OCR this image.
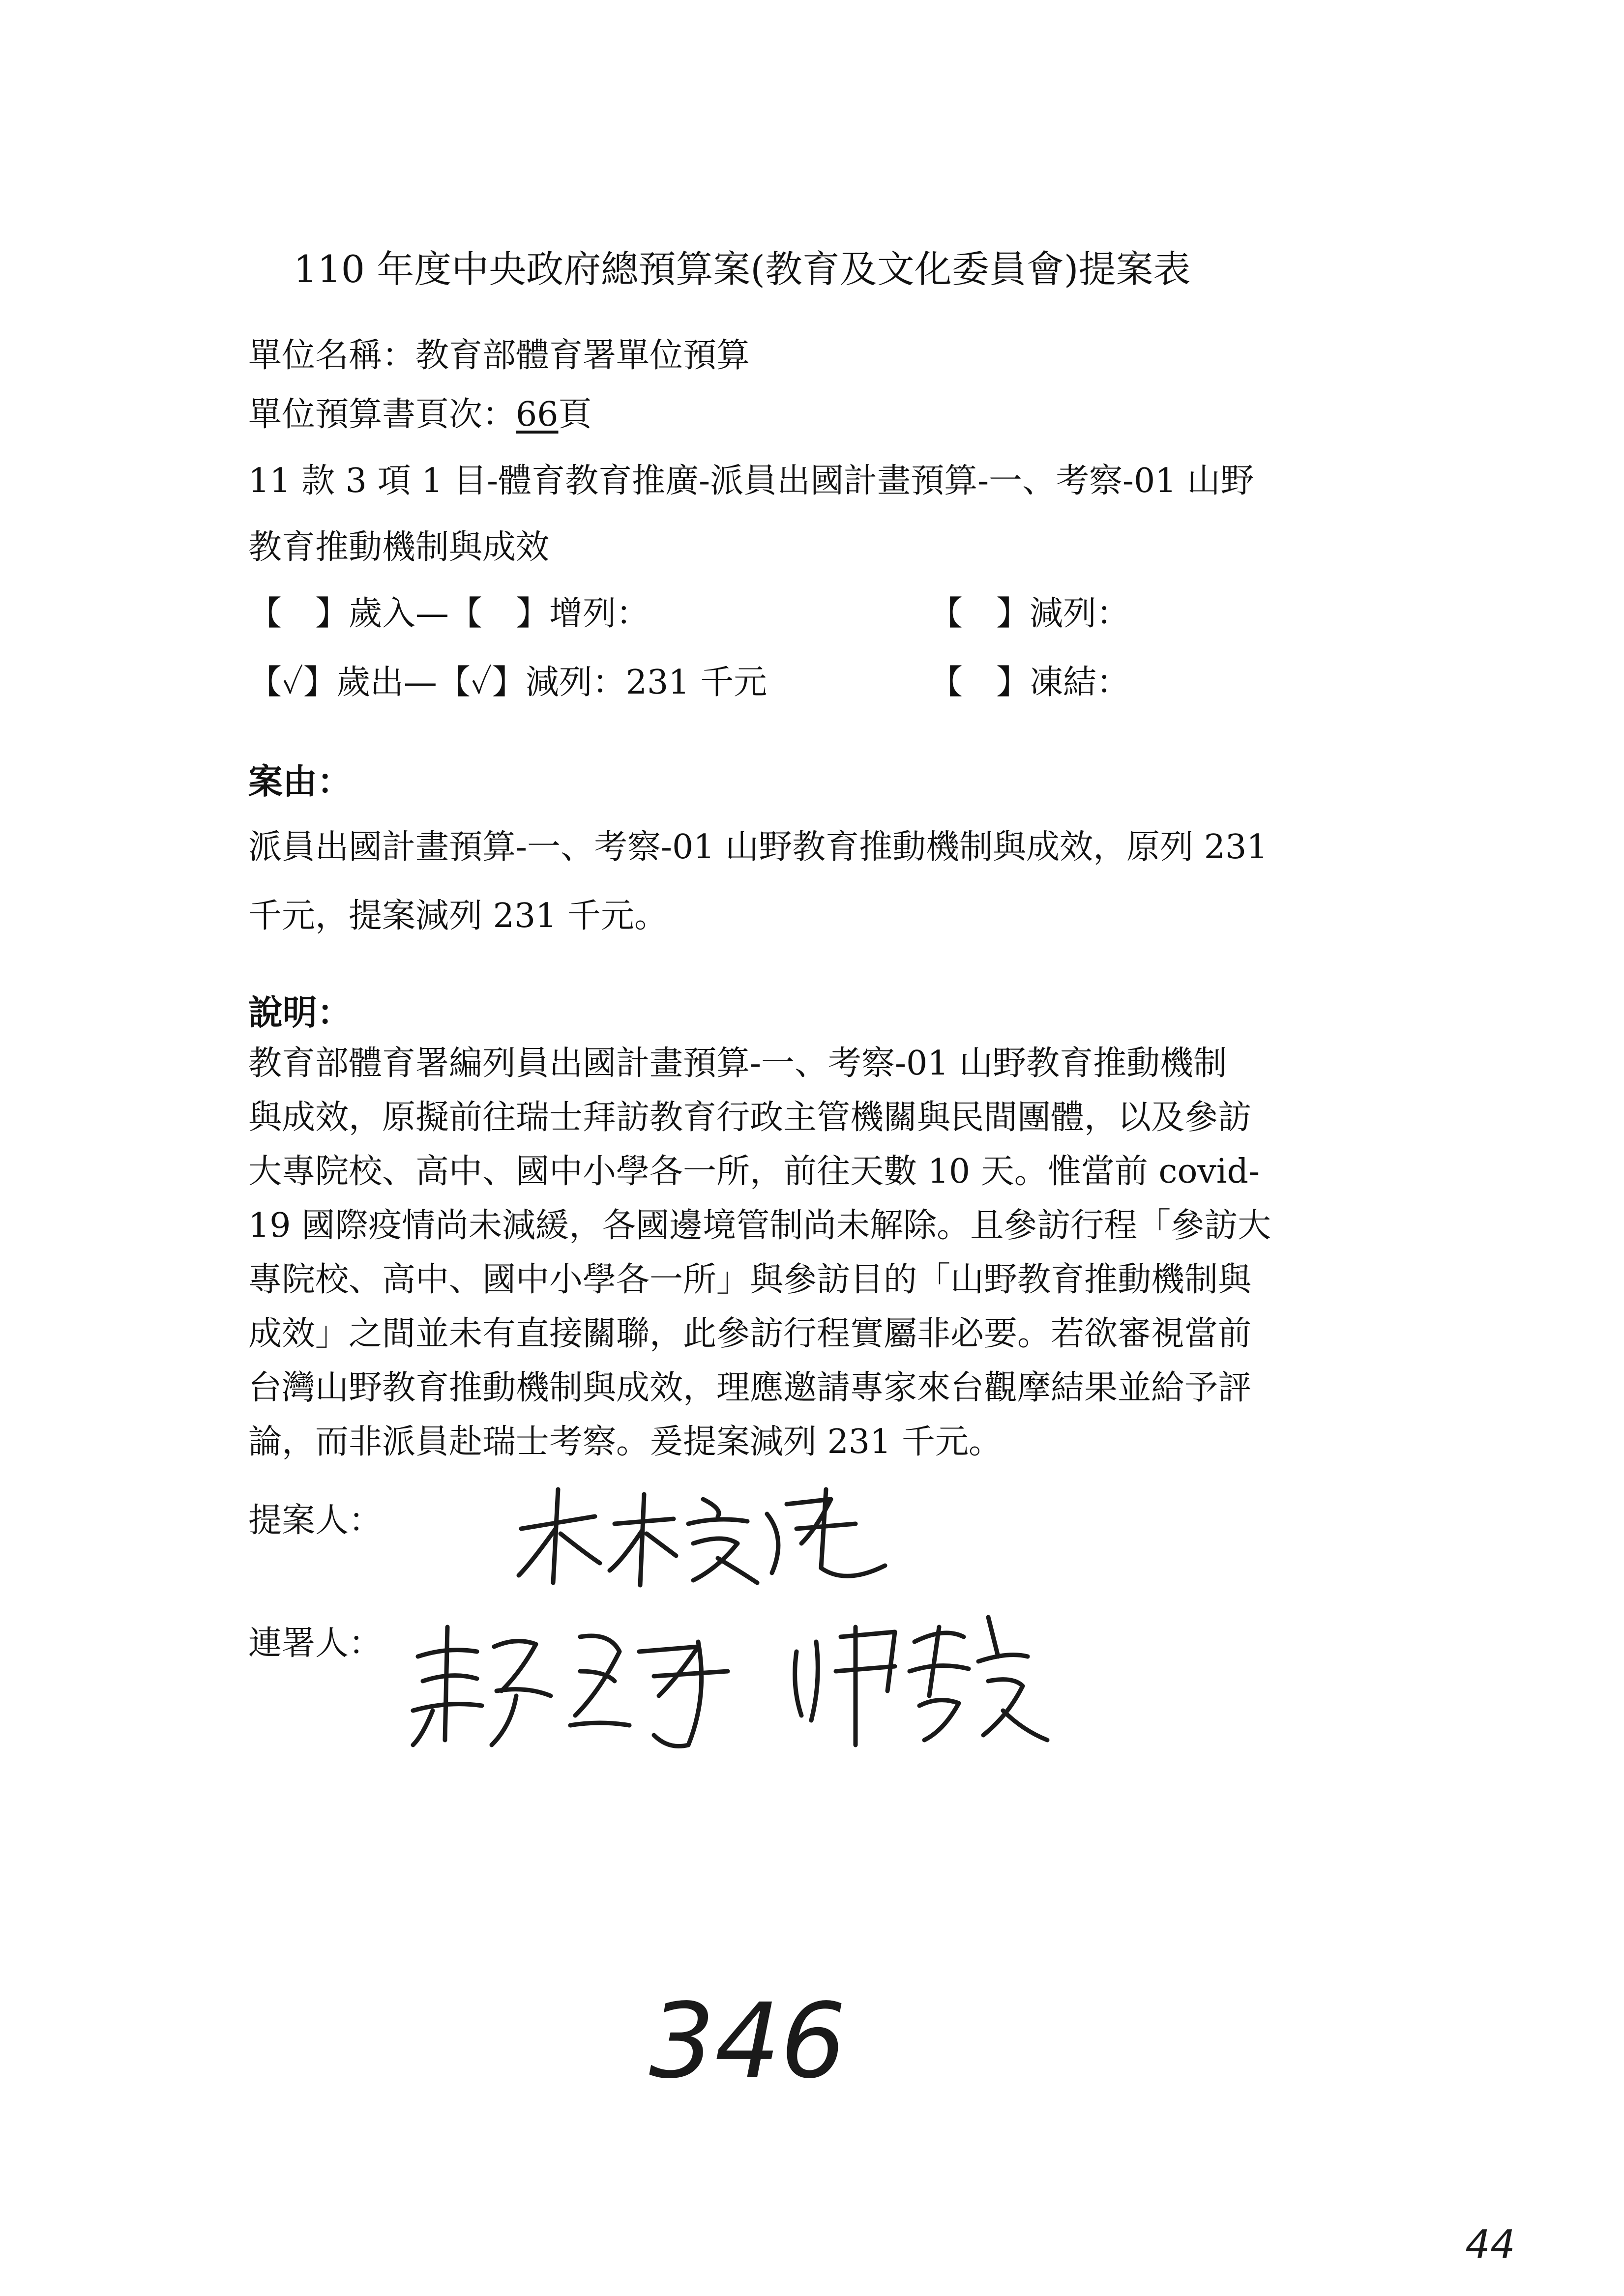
110 年度中央政府總預算案(教育及文化委員會)提案表
單位名稱：教育部體育署單位預算
單位預算書頁次：66頁
11 款 3 項 1 目-體育教育推廣-派員出國計畫預算-一、考察-01 山野
教育推動機制與成效
【　】歲入—【　】增列：	【　】減列：
【✓】歲出—【✓】減列：231 千元	【　】凍結：
案由：
派員出國計畫預算-一、考察-01 山野教育推動機制與成效，原列 231
千元，提案減列 231 千元。
說明：
教育部體育署編列員出國計畫預算-一、考察-01 山野教育推動機制
與成效，原擬前往瑞士拜訪教育行政主管機關與民間團體，以及參訪
大專院校、高中、國中小學各一所，前往天數 10 天。惟當前 covid-
19 國際疫情尚未減緩，各國邊境管制尚未解除。且參訪行程「參訪大
專院校、高中、國中小學各一所」與參訪目的「山野教育推動機制與
成效」之間並未有直接關聯，此參訪行程實屬非必要。若欲審視當前
台灣山野教育推動機制與成效，理應邀請專家來台觀摩結果並給予評
論，而非派員赴瑞士考察。爰提案減列 231 千元。
提案人：
連署人：
346
44
